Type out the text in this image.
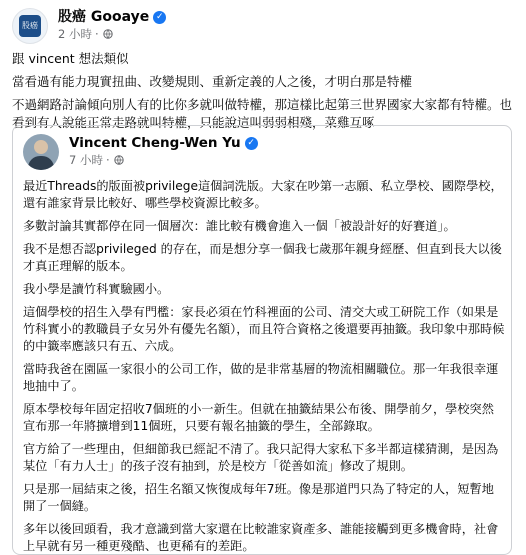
股癌
股癌 Gooaye ✓
2 小時 ·

跟 vincent 想法類似

當看過有能力現實扭曲、改變規則、重新定義的人之後，才明白那是特權

不過網路討論傾向別人有的比你多就叫做特權，那這樣比起第三世界國家大家都有特權。也看到有人說能正常走路就叫特權，只能說這叫弱弱相殘，菜雞互啄

Vincent Cheng-Wen Yu ✓
7 小時 ·

最近Threads的版面被privilege這個詞洗版。大家在吵第一志願、私立學校、國際學校，還有誰家背景比較好、哪些學校資源比較多。

多數討論其實都停在同一個層次：誰比較有機會進入一個「被設計好的好賽道」。

我不是想否認privileged 的存在，而是想分享一個我七歲那年親身經歷、但直到長大以後才真正理解的版本。

我小學是讀竹科實驗國小。

這個學校的招生入學有門檻：家長必須在竹科裡面的公司、清交大或工研院工作（如果是竹科實小的教職員子女另外有優先名額），而且符合資格之後還要再抽籤。我印象中那時候的中籤率應該只有五、六成。

當時我爸在園區一家很小的公司工作，做的是非常基層的物流相關職位。那一年我很幸運地抽中了。

原本學校每年固定招收7個班的小一新生。但就在抽籤結果公布後、開學前夕，學校突然宣布那一年將擴增到11個班，只要有報名抽籤的學生，全部錄取。

官方給了一些理由，但細節我已經記不清了。我只記得大家私下多半都這樣猜測，是因為某位「有力人士」的孩子沒有抽到，於是校方「從善如流」修改了規則。

只是那一屆結束之後，招生名額又恢復成每年7班。像是那道門只為了特定的人，短暫地開了一個縫。

多年以後回頭看，我才意識到當大家還在比較誰家資產多、誰能接觸到更多機會時，社會上早就有另一種更殘酷、也更稀有的差距。
